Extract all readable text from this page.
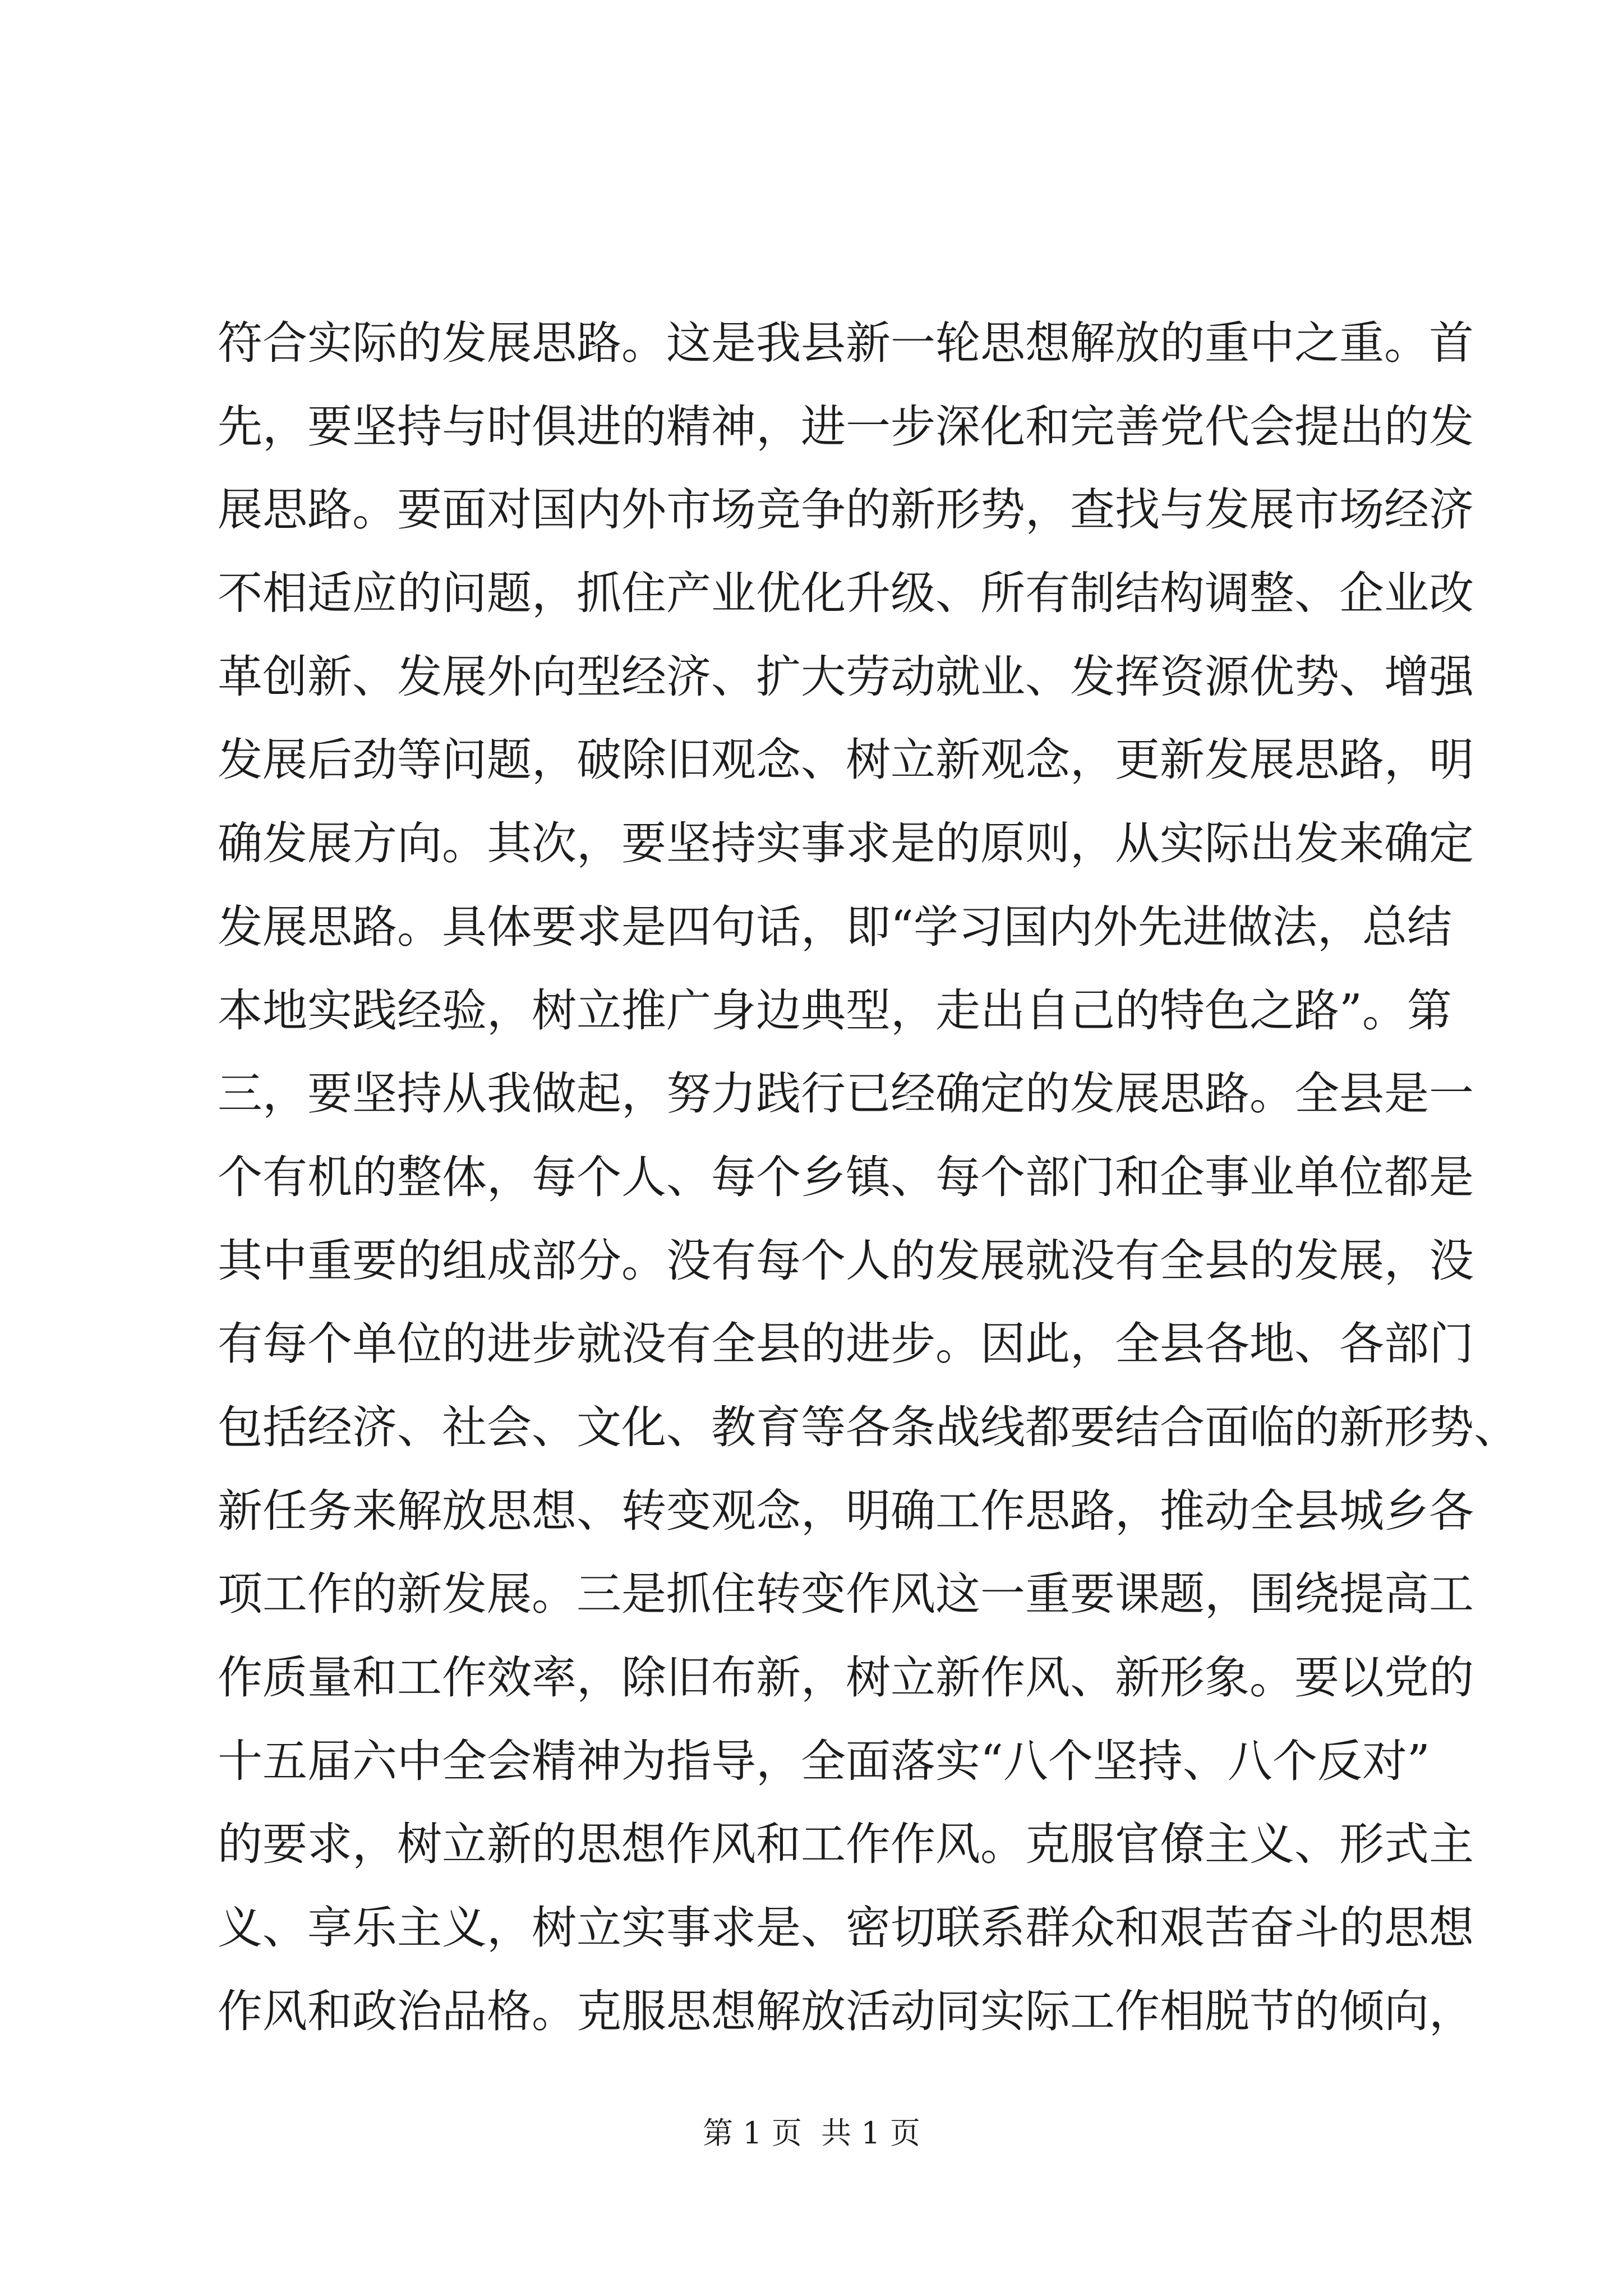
符合实际的发展思路。这是我县新一轮思想解放的重中之重。首
先，要坚持与时俱进的精神，进一步深化和完善党代会提出的发
展思路。要面对国内外市场竞争的新形势，查找与发展市场经济
不相适应的问题，抓住产业优化升级、所有制结构调整、企业改
革创新、发展外向型经济、扩大劳动就业、发挥资源优势、增强
发展后劲等问题，破除旧观念、树立新观念，更新发展思路，明
确发展方向。其次，要坚持实事求是的原则，从实际出发来确定
发展思路。具体要求是四句话，即“学习国内外先进做法，总结
本地实践经验，树立推广身边典型，走出自己的特色之路”。第
三，要坚持从我做起，努力践行已经确定的发展思路。全县是一
个有机的整体，每个人、每个乡镇、每个部门和企事业单位都是
其中重要的组成部分。没有每个人的发展就没有全县的发展，没
有每个单位的进步就没有全县的进步。因此，全县各地、各部门
包括经济、社会、文化、教育等各条战线都要结合面临的新形势、
新任务来解放思想、转变观念，明确工作思路，推动全县城乡各
项工作的新发展。三是抓住转变作风这一重要课题，围绕提高工
作质量和工作效率，除旧布新，树立新作风、新形象。要以党的
十五届六中全会精神为指导，全面落实“八个坚持、八个反对”
的要求，树立新的思想作风和工作作风。克服官僚主义、形式主
义、享乐主义，树立实事求是、密切联系群众和艰苦奋斗的思想
作风和政治品格。克服思想解放活动同实际工作相脱节的倾向，
第 1 页  共 1 页
